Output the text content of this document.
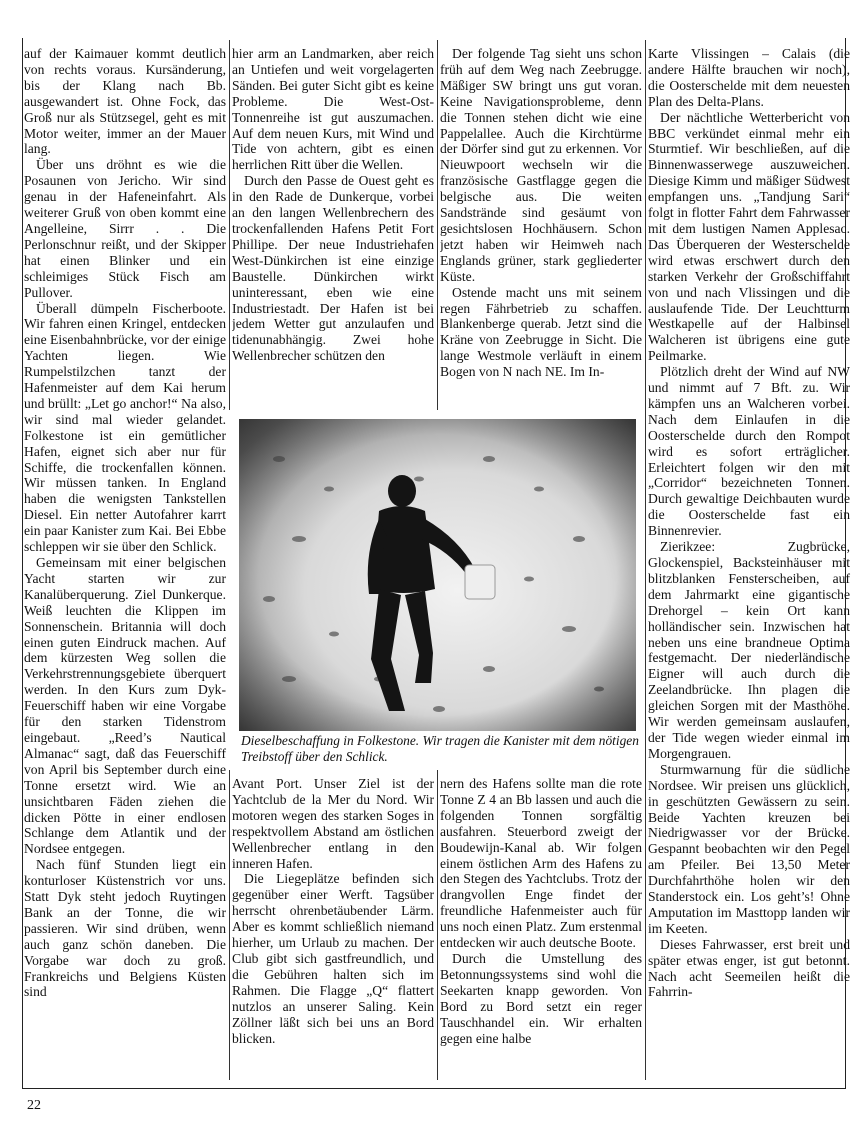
auf der Kaimauer kommt deutlich von rechts voraus. Kursänderung, bis der Klang nach Bb. ausgewandert ist. Ohne Fock, das Groß nur als Stützsegel, geht es mit Motor weiter, immer an der Mauer lang.

Über uns dröhnt es wie die Posaunen von Jericho. Wir sind genau in der Hafeneinfahrt. Als weiterer Gruß von oben kommt eine Angelleine, Sirrr . . Die Perlonschnur reißt, und der Skipper hat einen Blinker und ein schleimiges Stück Fisch am Pullover.

Überall dümpeln Fischerboote. Wir fahren einen Kringel, entdecken eine Eisenbahnbrücke, vor der einige Yachten liegen. Wie Rumpelstilzchen tanzt der Hafenmeister auf dem Kai herum und brüllt: „Let go anchor!“ Na also, wir sind mal wieder gelandet. Folkestone ist ein gemütlicher Hafen, eignet sich aber nur für Schiffe, die trockenfallen können. Wir müssen tanken. In England haben die wenigsten Tankstellen Diesel. Ein netter Autofahrer karrt ein paar Kanister zum Kai. Bei Ebbe schleppen wir sie über den Schlick.

Gemeinsam mit einer belgischen Yacht starten wir zur Kanalüberquerung. Ziel Dunkerque. Weiß leuchten die Klippen im Sonnenschein. Britannia will doch einen guten Eindruck machen. Auf dem kürzesten Weg sollen die Verkehrstrennungsgebiete überquert werden. In den Kurs zum Dyk-Feuerschiff haben wir eine Vorgabe für den starken Tidenstrom eingebaut. „Reed’s Nautical Almanac“ sagt, daß das Feuerschiff von April bis September durch eine Tonne ersetzt wird. Wie an unsichtbaren Fäden ziehen die dicken Pötte in einer endlosen Schlange dem Atlantik und der Nordsee entgegen.

Nach fünf Stunden liegt ein konturloser Küstenstrich vor uns. Statt Dyk steht jedoch Ruytingen Bank an der Tonne, die wir passieren. Wir sind drüben, wenn auch ganz schön daneben. Die Vorgabe war doch zu groß. Frankreichs und Belgiens Küsten sind

hier arm an Landmarken, aber reich an Untiefen und weit vorgelagerten Sänden. Bei guter Sicht gibt es keine Probleme. Die West-Ost-Tonnenreihe ist gut auszumachen. Auf dem neuen Kurs, mit Wind und Tide von achtern, gibt es einen herrlichen Ritt über die Wellen.

Durch den Passe de Ouest geht es in den Rade de Dunkerque, vorbei an den langen Wellenbrechern des trockenfallenden Hafens Petit Fort Phillipe. Der neue Industriehafen West-Dünkirchen ist eine einzige Baustelle. Dünkirchen wirkt uninteressant, eben wie eine Industriestadt. Der Hafen ist bei jedem Wetter gut anzulaufen und tidenunabhängig. Zwei hohe Wellenbrecher schützen den

Der folgende Tag sieht uns schon früh auf dem Weg nach Zeebrugge. Mäßiger SW bringt uns gut voran. Keine Navigationsprobleme, denn die Tonnen stehen dicht wie eine Pappelallee. Auch die Kirchtürme der Dörfer sind gut zu erkennen. Vor Nieuwpoort wechseln wir die französische Gastflagge gegen die belgische aus. Die weiten Sandstrände sind gesäumt von gesichtslosen Hochhäusern. Schon jetzt haben wir Heimweh nach Englands grüner, stark gegliederter Küste.

Ostende macht uns mit seinem regen Fährbetrieb zu schaffen. Blankenberge querab. Jetzt sind die Kräne von Zeebrugge in Sicht. Die lange Westmole verläuft in einem Bogen von N nach NE. Im In-

Dieselbeschaffung in Folkestone. Wir tragen die Kanister mit dem nötigen Treibstoff über den Schlick.

Avant Port. Unser Ziel ist der Yachtclub de la Mer du Nord. Wir motoren wegen des starken Soges in respektvollem Abstand am östlichen Wellenbrecher entlang in den inneren Hafen.

Die Liegeplätze befinden sich gegenüber einer Werft. Tagsüber herrscht ohrenbetäubender Lärm. Aber es kommt schließlich niemand hierher, um Urlaub zu machen. Der Club gibt sich gastfreundlich, und die Gebühren halten sich im Rahmen. Die Flagge „Q“ flattert nutzlos an unserer Saling. Kein Zöllner läßt sich bei uns an Bord blicken.

nern des Hafens sollte man die rote Tonne Z 4 an Bb lassen und auch die folgenden Tonnen sorgfältig ausfahren. Steuerbord zweigt der Boudewijn-Kanal ab. Wir folgen einem östlichen Arm des Hafens zu den Stegen des Yachtclubs. Trotz der drangvollen Enge findet der freundliche Hafenmeister auch für uns noch einen Platz. Zum erstenmal entdecken wir auch deutsche Boote.

Durch die Umstellung des Betonnungssystems sind wohl die Seekarten knapp geworden. Von Bord zu Bord setzt ein reger Tauschhandel ein. Wir erhalten gegen eine halbe

Karte Vlissingen – Calais (die andere Hälfte brauchen wir noch), die Oosterschelde mit dem neuesten Plan des Delta-Plans.

Der nächtliche Wetterbericht von BBC verkündet einmal mehr ein Sturmtief. Wir beschließen, auf die Binnenwasserwege auszuweichen. Diesige Kimm und mäßiger Südwest empfangen uns. „Tandjung Sari“ folgt in flotter Fahrt dem Fahrwasser mit dem lustigen Namen Applesac. Das Überqueren der Westerschelde wird etwas erschwert durch den starken Verkehr der Großschiffahrt von und nach Vlissingen und die auslaufende Tide. Der Leuchtturm Westkapelle auf der Halbinsel Walcheren ist übrigens eine gute Peilmarke.

Plötzlich dreht der Wind auf NW und nimmt auf 7 Bft. zu. Wir kämpfen uns an Walcheren vorbei. Nach dem Einlaufen in die Oosterschelde durch den Rompot wird es sofort erträglicher. Erleichtert folgen wir den mit „Corridor“ bezeichneten Tonnen. Durch gewaltige Deichbauten wurde die Oosterschelde fast ein Binnenrevier.

Zierikzee: Zugbrücke, Glockenspiel, Backsteinhäuser mit blitzblanken Fensterscheiben, auf dem Jahrmarkt eine gigantische Drehorgel – kein Ort kann holländischer sein. Inzwischen hat neben uns eine brandneue Optima festgemacht. Der niederländische Eigner will auch durch die Zeelandbrücke. Ihn plagen die gleichen Sorgen mit der Masthöhe. Wir werden gemeinsam auslaufen, der Tide wegen wieder einmal im Morgengrauen.

Sturmwarnung für die südliche Nordsee. Wir preisen uns glücklich, in geschützten Gewässern zu sein. Beide Yachten kreuzen bei Niedrigwasser vor der Brücke. Gespannt beobachten wir den Pegel am Pfeiler. Bei 13,50 Meter Durchfahrthöhe holen wir den Standerstock ein. Los geht’s! Ohne Amputation im Masttopp landen wir im Keeten.

Dieses Fahrwasser, erst breit und später etwas enger, ist gut betonnt. Nach acht Seemeilen heißt die Fahrrin-

22
